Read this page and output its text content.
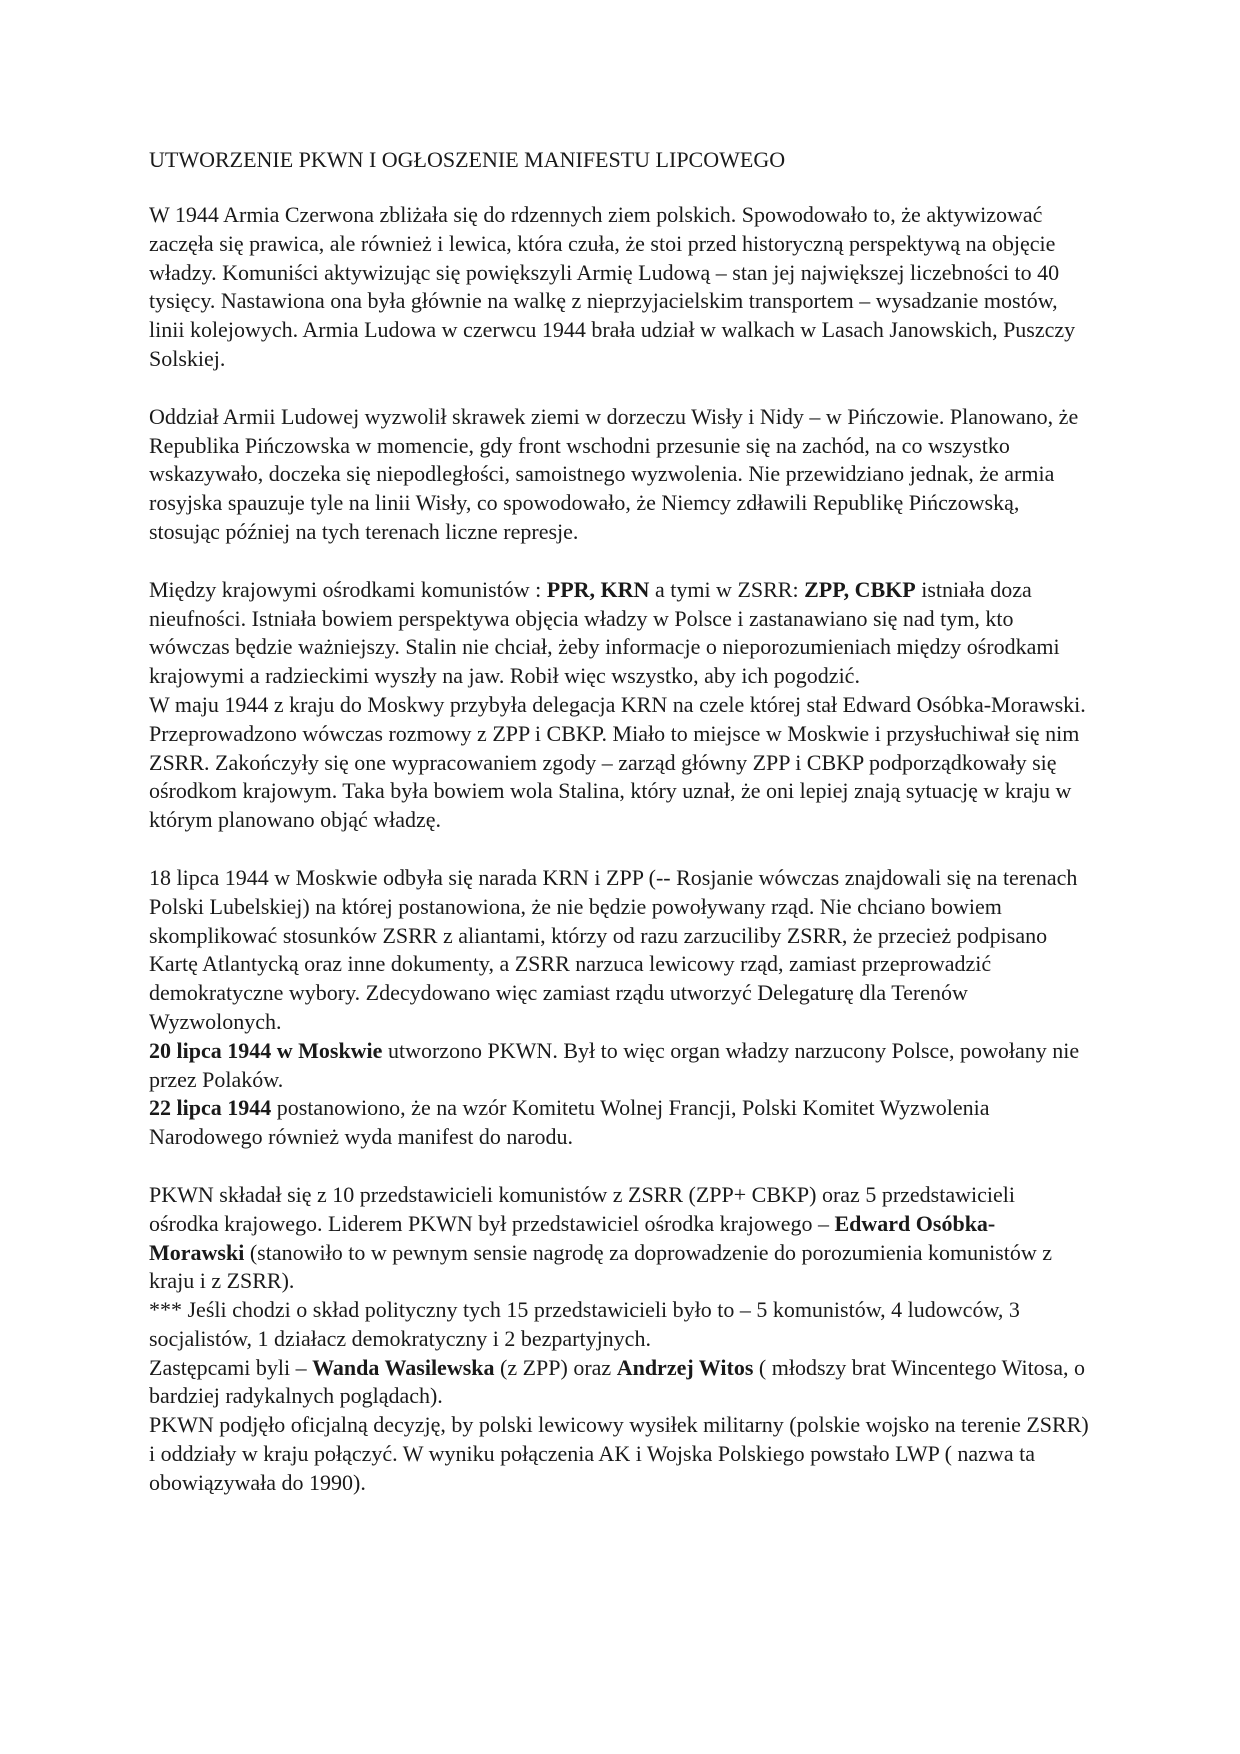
UTWORZENIE PKWN I OGŁOSZENIE MANIFESTU LIPCOWEGO

W 1944 Armia Czerwona zbliżała się do rdzennych ziem polskich. Spowodowało to, że aktywizować zaczęła się prawica, ale również i lewica, która czuła, że stoi przed historyczną perspektywą na objęcie władzy. Komuniści aktywizując się powiększyli Armię Ludową – stan jej największej liczebności to 40 tysięcy. Nastawiona ona była głównie na walkę z nieprzyjacielskim transportem – wysadzanie mostów, linii kolejowych. Armia Ludowa w czerwcu 1944 brała udział w walkach w Lasach Janowskich, Puszczy Solskiej.

Oddział Armii Ludowej wyzwolił skrawek ziemi w dorzeczu Wisły i Nidy – w Pińczowie. Planowano, że Republika Pińczowska w momencie, gdy front wschodni przesunie się na zachód, na co wszystko wskazywało, doczeka się niepodległości, samoistnego wyzwolenia. Nie przewidziano jednak, że armia rosyjska spauzuje tyle na linii Wisły, co spowodowało, że Niemcy zdławili Republikę Pińczowską, stosując później na tych terenach liczne represje.

Między krajowymi ośrodkami komunistów : PPR, KRN a tymi w ZSRR: ZPP, CBKP istniała doza nieufności. Istniała bowiem perspektywa objęcia władzy w Polsce i zastanawiano się nad tym, kto wówczas będzie ważniejszy. Stalin nie chciał, żeby informacje o nieporozumieniach między ośrodkami krajowymi a radzieckimi wyszły na jaw. Robił więc wszystko, aby ich pogodzić.

W maju 1944 z kraju do Moskwy przybyła delegacja KRN na czele której stał Edward Osóbka-Morawski. Przeprowadzono wówczas rozmowy z ZPP i CBKP. Miało to miejsce w Moskwie i przysłuchiwał się nim ZSRR. Zakończyły się one wypracowaniem zgody – zarząd główny ZPP i CBKP podporządkowały się ośrodkom krajowym. Taka była bowiem wola Stalina, który uznał, że oni lepiej znają sytuację w kraju w którym planowano objąć władzę.

18 lipca 1944 w Moskwie odbyła się narada KRN i ZPP (-- Rosjanie wówczas znajdowali się na terenach Polski Lubelskiej) na której postanowiona, że nie będzie powoływany rząd. Nie chciano bowiem skomplikować stosunków ZSRR z aliantami, którzy od razu zarzuciliby ZSRR, że przecież podpisano Kartę Atlantycką oraz inne dokumenty, a ZSRR narzuca lewicowy rząd, zamiast przeprowadzić demokratyczne wybory. Zdecydowano więc zamiast rządu utworzyć Delegaturę dla Terenów Wyzwolonych.

20 lipca 1944 w Moskwie utworzono PKWN. Był to więc organ władzy narzucony Polsce, powołany nie przez Polaków.

22 lipca 1944 postanowiono, że na wzór Komitetu Wolnej Francji, Polski Komitet Wyzwolenia Narodowego również wyda manifest do narodu.

PKWN składał się z 10 przedstawicieli komunistów z ZSRR (ZPP+ CBKP) oraz 5 przedstawicieli ośrodka krajowego. Liderem PKWN był przedstawiciel ośrodka krajowego – Edward Osóbka-Morawski (stanowiło to w pewnym sensie nagrodę za doprowadzenie do porozumienia komunistów z kraju i z ZSRR).

*** Jeśli chodzi o skład polityczny tych 15 przedstawicieli było to – 5 komunistów, 4 ludowców, 3 socjalistów, 1 działacz demokratyczny i 2 bezpartyjnych.

Zastępcami byli – Wanda Wasilewska (z ZPP) oraz Andrzej Witos ( młodszy brat Wincentego Witosa, o bardziej radykalnych poglądach).

PKWN podjęło oficjalną decyzję, by polski lewicowy wysiłek militarny (polskie wojsko na terenie ZSRR) i oddziały w kraju połączyć. W wyniku połączenia AK i Wojska Polskiego powstało LWP ( nazwa ta obowiązywała do 1990).
